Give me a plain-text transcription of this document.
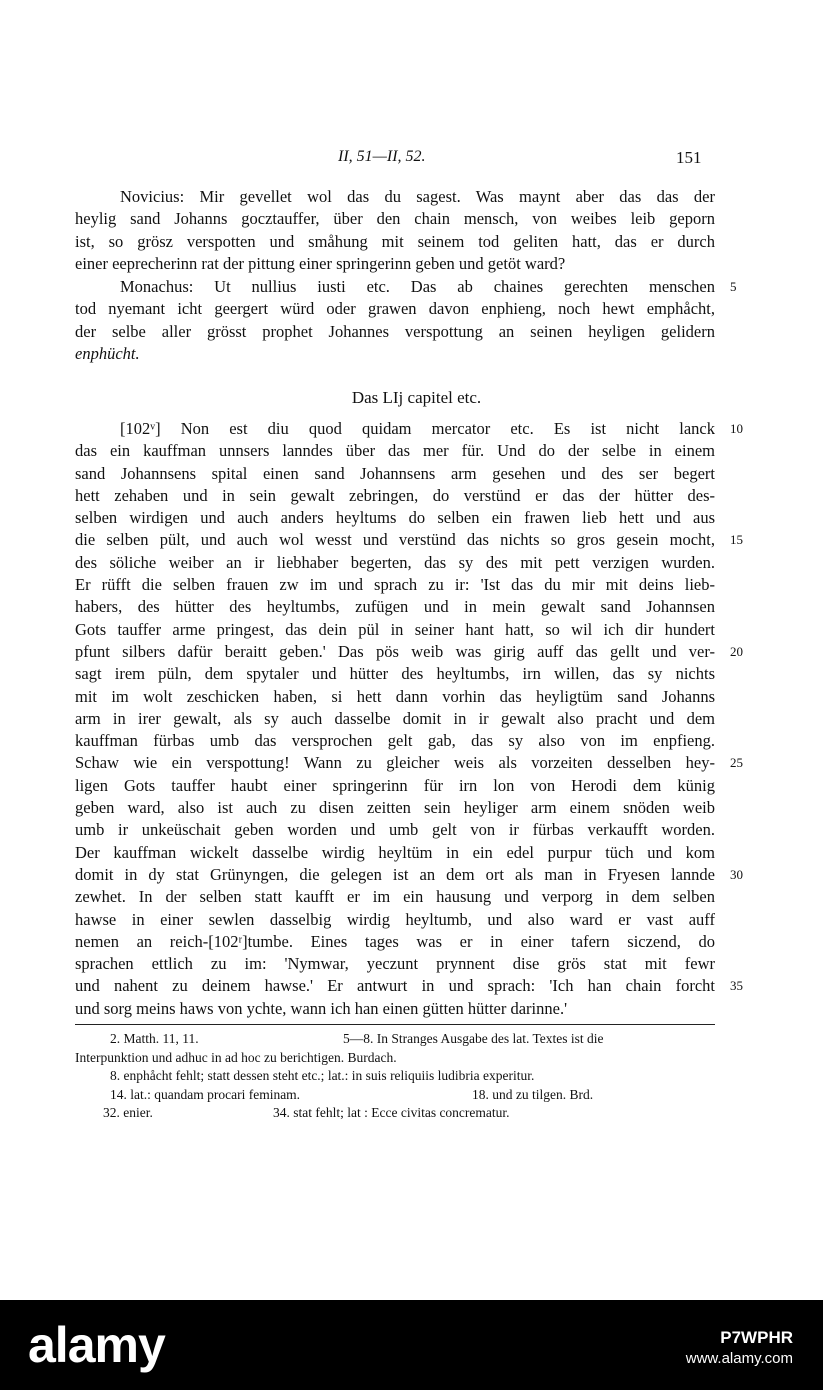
II, 51—II, 52.	151
Novicius: Mir gevellet wol das du sagest. Was maynt aber das das der
heylig sand Johanns gocztauffer, über den chain mensch, von weibes leib geporn
ist, so grösz verspotten und småhung mit seinem tod geliten hatt, das er durch
einer eeprecherinn rat der pittung einer springerinn geben und getöt ward?
Monachus: Ut nullius iusti etc. Das ab chaines gerechten menschen 5
tod nyemant icht geergert würd oder grawen davon enphieng, noch hewt emphåcht,
der selbe aller grösst prophet Johannes verspottung an seinen heyligen gelidern
enphücht.
Das LIj capitel etc.
[102ᵛ] Non est diu quod quidam mercator etc. Es ist nicht lanck 10
das ein kauffman unnsers lanndes über das mer für. Und do der selbe in einem
sand Johannsens spital einen sand Johannsens arm gesehen und des ser begert
hett zehaben und in sein gewalt zebringen, do verstünd er das der hütter des-
selben wirdigen und auch anders heyltums do selben ein frawen lieb hett und aus
die selben pült, und auch wol wesst und verstünd das nichts so gros gesein mocht, 15
des söliche weiber an ir liebhaber begerten, das sy des mit pett verzigen wurden.
Er rüfft die selben frauen zw im und sprach zu ir: 'Ist das du mir mit deins lieb-
habers, des hütter des heyltumbs, zufügen und in mein gewalt sand Johannsen
Gots tauffer arme pringest, das dein pül in seiner hant hatt, so wil ich dir hundert
pfunt silbers dafür beraitt geben.' Das pös weib was girig auff das gellt und ver- 20
sagt irem püln, dem spytaler und hütter des heyltumbs, irn willen, das sy nichts
mit im wolt zeschicken haben, si hett dann vorhin das heyligtüm sand Johanns
arm in irer gewalt, als sy auch dasselbe domit in ir gewalt also pracht und dem
kauffman fürbas umb das versprochen gelt gab, das sy also von im enpfieng.
Schaw wie ein verspottung! Wann zu gleicher weis als vorzeiten desselben hey- 25
ligen Gots tauffer haubt einer springerinn für irn lon von Herodi dem künig
geben ward, also ist auch zu disen zeitten sein heyliger arm einem snöden weib
umb ir unkeüschait geben worden und umb gelt von ir fürbas verkaufft worden.
Der kauffman wickelt dasselbe wirdig heyltüm in ein edel purpur tüch und kom
domit in dy stat Grünyngen, die gelegen ist an dem ort als man in Fryesen lannde 30
zewhet. In der selben statt kaufft er im ein hausung und verporg in dem selben
hawse in einer sewlen dasselbig wirdig heyltumb, und also ward er vast auff
nemen an reich-[102ʳ]tumbe. Eines tages was er in einer tafern siczend, do
sprachen ettlich zu im: 'Nymwar, yeczunt prynnent dise grös stat mit fewr
und nahent zu deinem hawse.' Er antwurt in und sprach: 'Ich han chain forcht 35
und sorg meins haws von ychte, wann ich han einen gütten hütter darinne.'
2. Matth. 11, 11.	5—8. In Stranges Ausgabe des lat. Textes ist die
Interpunktion und adhuc in ad hoc zu berichtigen. Burdach.
8. enphåcht fehlt; statt dessen steht etc.; lat.: in suis reliquiis ludibria experitur.
14. lat.: quandam procari feminam.	18. und zu tilgen. Brd.
32. enier.	34. stat fehlt; lat : Ecce civitas concrematur.
alamy	P7WPHR
www.alamy.com
